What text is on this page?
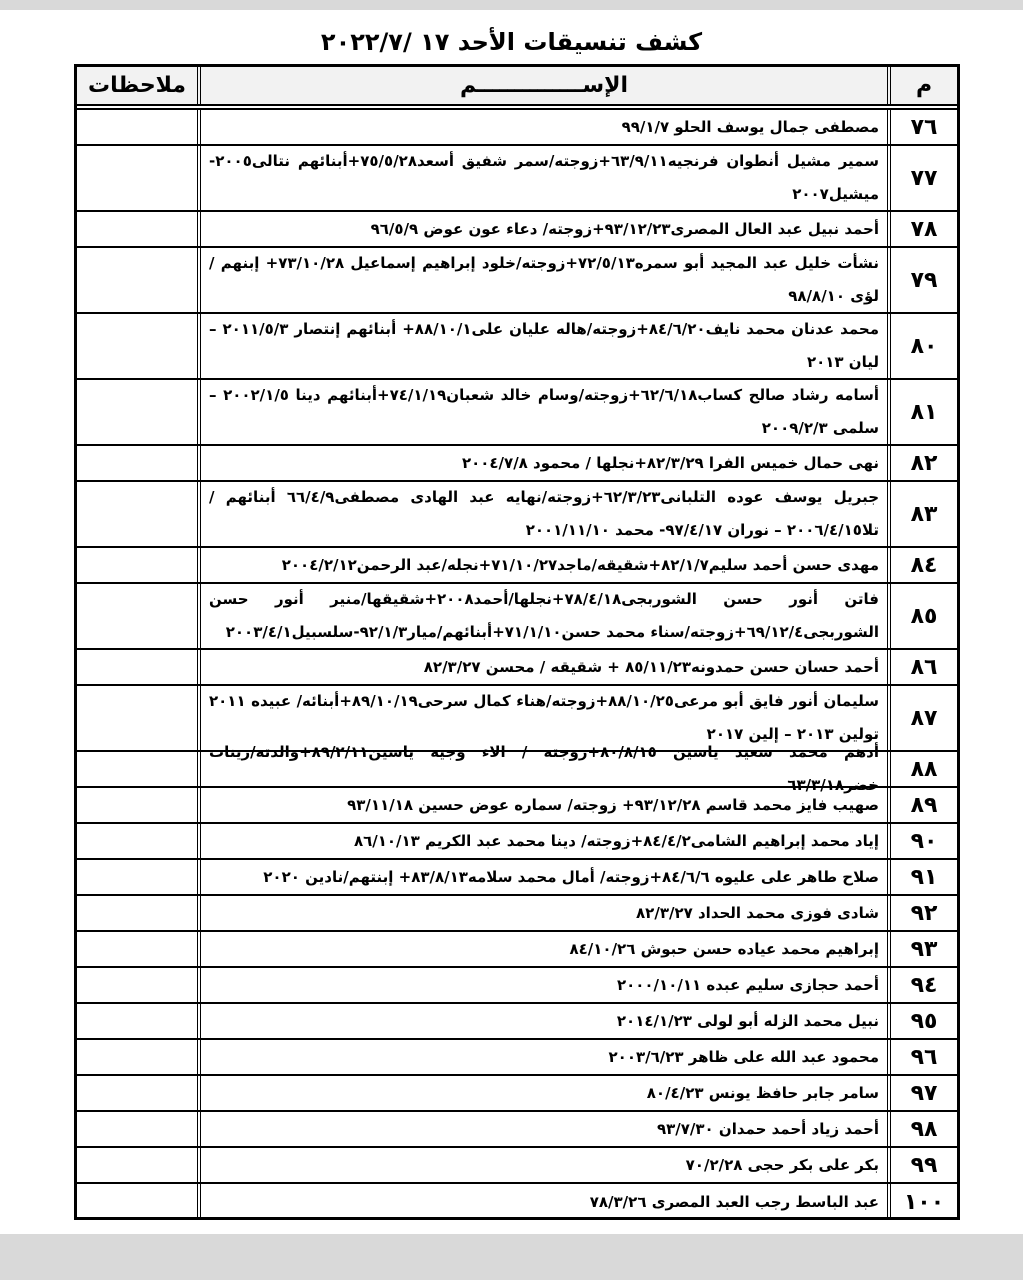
كشف تنسيقات الأحد ١٧ /٢٠٢٢/٧
م
الإســــــــــــــم
ملاحظات
٧٦
مصطفى جمال يوسف الحلو ٩٩/١/٧
٧٧
سمير مشيل أنطوان فرنجيه٦٣/٩/١١+زوجته/سمر شفيق أسعد٧٥/٥/٢٨+أبنائهم نتالى٢٠٠٥- ميشيل٢٠٠٧
٧٨
أحمد نبيل عبد العال المصرى٩٣/١٢/٢٣+زوجته/ دعاء عون عوض ٩٦/٥/٩
٧٩
نشأت خليل عبد المجيد أبو سمره٧٢/٥/١٣+زوجته/خلود إبراهيم إسماعيل ٧٣/١٠/٢٨+ إبنهم / لؤى ٩٨/٨/١٠
٨٠
محمد عدنان محمد نايف٨٤/٦/٢٠+زوجته/هاله عليان على٨٨/١٠/١+ أبنائهم إنتصار ٢٠١١/٥/٣ – ليان ٢٠١٣
٨١
أسامه رشاد صالح كساب٦٢/٦/١٨+زوجته/وسام خالد شعبان٧٤/١/١٩+أبنائهم دينا ٢٠٠٢/١/٥ – سلمى ٢٠٠٩/٢/٣
٨٢
نهى حمال خميس الفرا ٨٢/٣/٢٩+نجلها / محمود ٢٠٠٤/٧/٨
٨٣
جبريل يوسف عوده التلبانى٦٢/٣/٢٣+زوجته/نهايه عبد الهادى مصطفى٦٦/٤/٩ أبنائهم / تلا٢٠٠٦/٤/١٥ – نوران ٩٧/٤/١٧- محمد ٢٠٠١/١١/١٠
٨٤
مهدى حسن أحمد سليم٨٢/١/٧+شقيقه/ماجد٧١/١٠/٢٧+نجله/عبد الرحمن٢٠٠٤/٢/١٢
٨٥
فاتن أنور حسن الشوربجى٧٨/٤/١٨+نجلها/أحمد٢٠٠٨+شقيقها/منير أنور حسن الشوربجى٦٩/١٢/٤+زوجته/سناء محمد حسن٧١/١/١٠+أبنائهم/ميار٩٢/١/٣-سلسبيل٢٠٠٣/٤/١
٨٦
أحمد حسان حسن حمدونه٨٥/١١/٢٣ + شقيقه / محسن ٨٢/٣/٢٧
٨٧
سليمان أنور فايق أبو مرعى٨٨/١٠/٢٥+زوجته/هناء كمال سرحى٨٩/١٠/١٩+أبنائه/ عبيده ٢٠١١ تولين ٢٠١٣ – إلين ٢٠١٧
٨٨
أدهم محمد سعيد ياسين ٨٠/٨/١٥+زوجته / الاء وجيه ياسين٨٩/٢/١١+والدته/زينات خضر٦٣/٣/١٨
٨٩
صهيب فايز محمد قاسم ٩٣/١٢/٢٨+ زوجته/ سماره عوض حسين ٩٣/١١/١٨
٩٠
إياد محمد إبراهيم الشامى٨٤/٤/٢+زوجته/ دينا محمد عبد الكريم ٨٦/١٠/١٣
٩١
صلاح طاهر على عليوه ٨٤/٦/٦+زوجته/ أمال محمد سلامه٨٣/٨/١٣+ إبنتهم/نادين ٢٠٢٠
٩٢
شادى فوزى محمد الحداد ٨٢/٣/٢٧
٩٣
إبراهيم محمد عياده حسن حبوش ٨٤/١٠/٢٦
٩٤
أحمد حجازى سليم عبده ٢٠٠٠/١٠/١١
٩٥
نبيل محمد الزله أبو لولى ٢٠١٤/١/٢٣
٩٦
محمود عبد الله على ظاهر ٢٠٠٣/٦/٢٣
٩٧
سامر جابر حافظ يونس ٨٠/٤/٢٣
٩٨
أحمد زياد أحمد حمدان ٩٣/٧/٣٠
٩٩
بكر على بكر حجى ٧٠/٢/٢٨
١٠٠
عبد الباسط رجب العبد المصرى ٧٨/٣/٢٦
